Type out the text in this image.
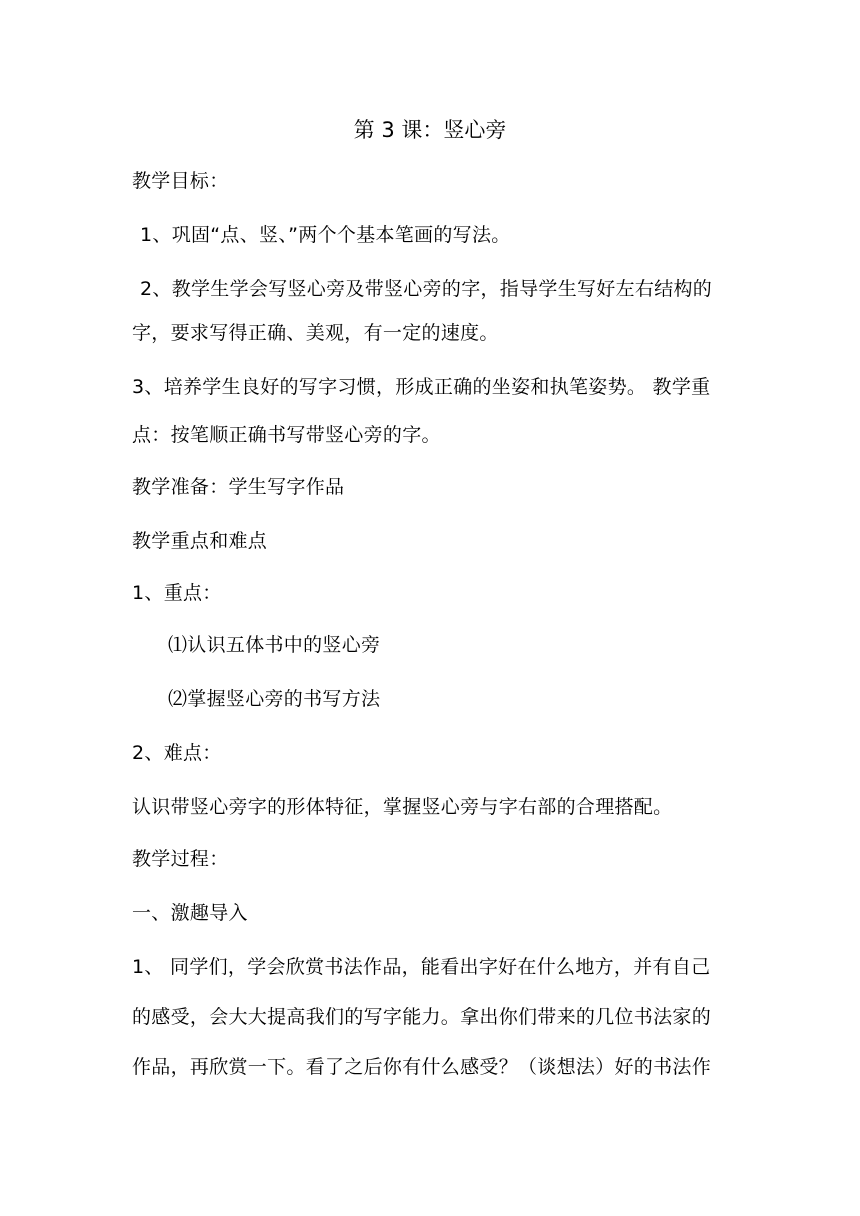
第 3 课：竖心旁
教学目标：
1、巩固“点、竖、”两个个基本笔画的写法。
2、教学生学会写竖心旁及带竖心旁的字，指导学生写好左右结构的
字，要求写得正确、美观，有一定的速度。
3、培养学生良好的写字习惯，形成正确的坐姿和执笔姿势。 教学重
点：按笔顺正确书写带竖心旁的字。
教学准备：学生写字作品
教学重点和难点
1、重点：
⑴认识五体书中的竖心旁
⑵掌握竖心旁的书写方法
2、难点：
认识带竖心旁字的形体特征，掌握竖心旁与字右部的合理搭配。
教学过程：
一、激趣导入
1、 同学们，学会欣赏书法作品，能看出字好在什么地方，并有自己
的感受，会大大提高我们的写字能力。拿出你们带来的几位书法家的
作品，再欣赏一下。看了之后你有什么感受？（谈想法）好的书法作
